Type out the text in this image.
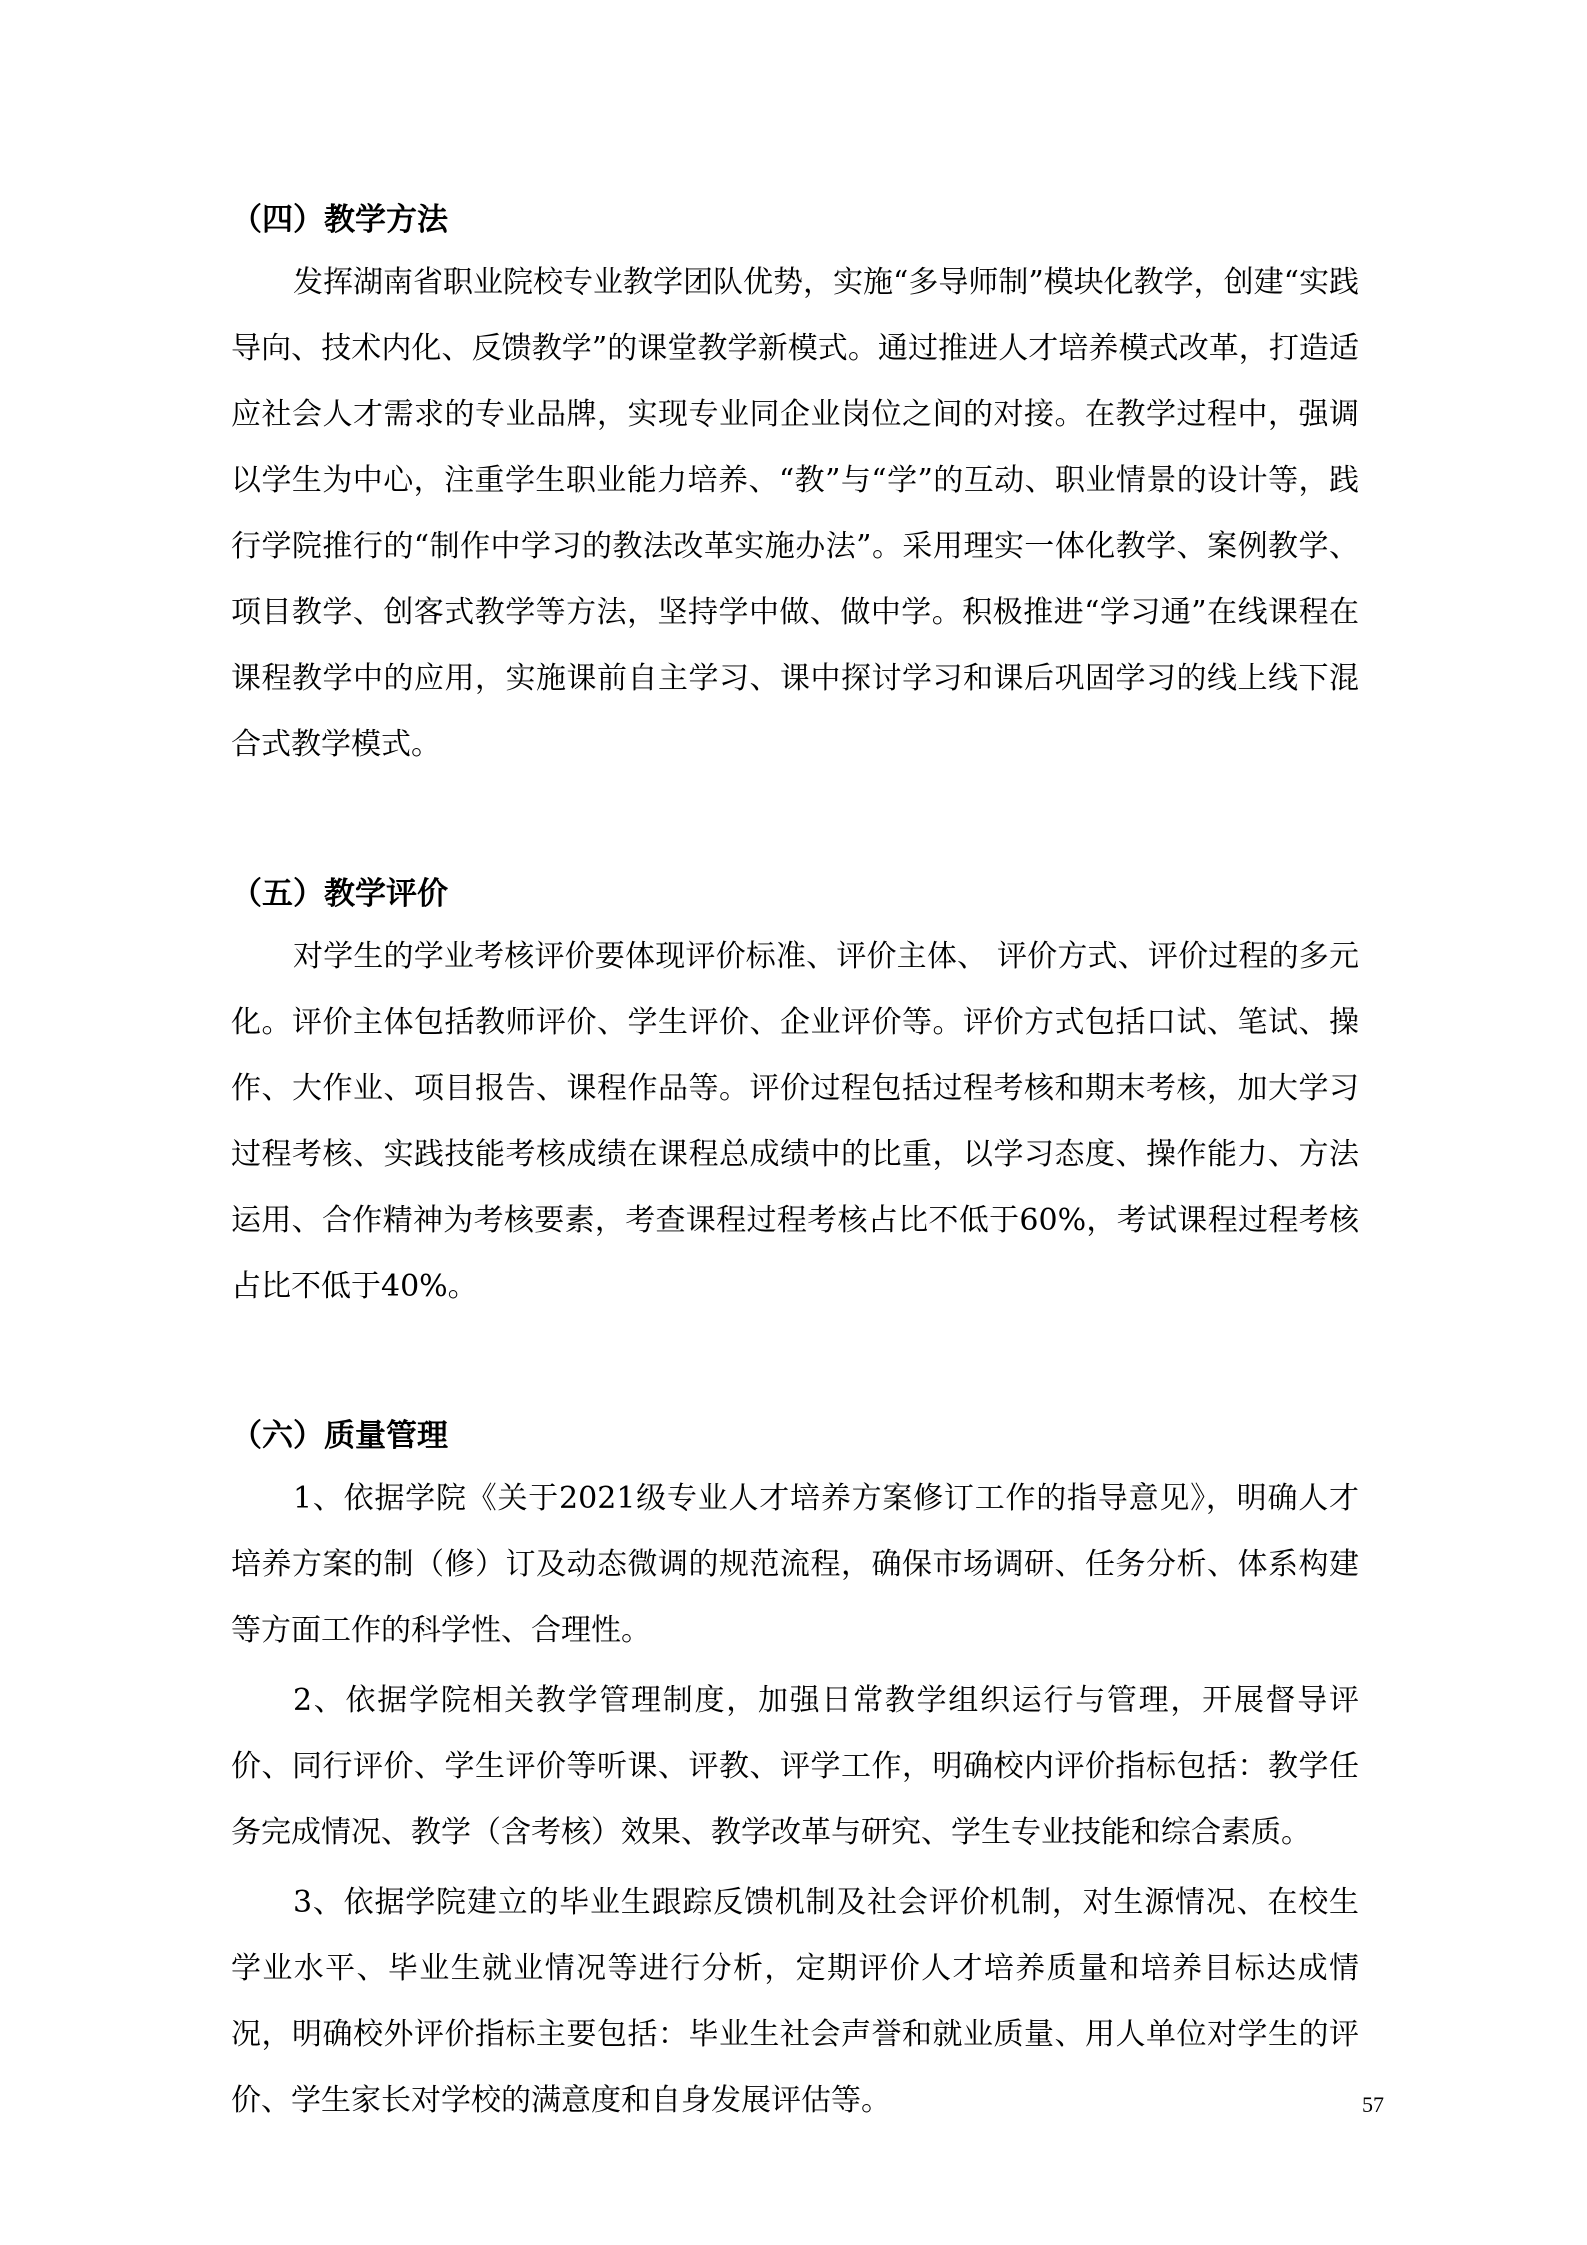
（四）教学方法

发挥湖南省职业院校专业教学团队优势，实施“多导师制”模块化教学，创建“实践导向、技术内化、反馈教学”的课堂教学新模式。通过推进人才培养模式改革，打造适应社会人才需求的专业品牌，实现专业同企业岗位之间的对接。在教学过程中，强调以学生为中心，注重学生职业能力培养、“教”与“学”的互动、职业情景的设计等，践行学院推行的“制作中学习的教法改革实施办法”。采用理实一体化教学、案例教学、项目教学、创客式教学等方法，坚持学中做、做中学。积极推进“学习通”在线课程在课程教学中的应用，实施课前自主学习、课中探讨学习和课后巩固学习的线上线下混合式教学模式。

（五）教学评价

对学生的学业考核评价要体现评价标准、评价主体、 评价方式、评价过程的多元化。评价主体包括教师评价、学生评价、企业评价等。评价方式包括口试、笔试、操作、大作业、项目报告、课程作品等。评价过程包括过程考核和期末考核，加大学习过程考核、实践技能考核成绩在课程总成绩中的比重，以学习态度、操作能力、方法运用、合作精神为考核要素，考查课程过程考核占比不低于60%，考试课程过程考核占比不低于40%。

（六）质量管理

1、依据学院《关于2021级专业人才培养方案修订工作的指导意见》，明确人才培养方案的制（修）订及动态微调的规范流程，确保市场调研、任务分析、体系构建等方面工作的科学性、合理性。

2、依据学院相关教学管理制度，加强日常教学组织运行与管理，开展督导评价、同行评价、学生评价等听课、评教、评学工作，明确校内评价指标包括：教学任务完成情况、教学（含考核）效果、教学改革与研究、学生专业技能和综合素质。

3、依据学院建立的毕业生跟踪反馈机制及社会评价机制，对生源情况、在校生学业水平、毕业生就业情况等进行分析，定期评价人才培养质量和培养目标达成情况，明确校外评价指标主要包括：毕业生社会声誉和就业质量、用人单位对学生的评价、学生家长对学校的满意度和自身发展评估等。	57
